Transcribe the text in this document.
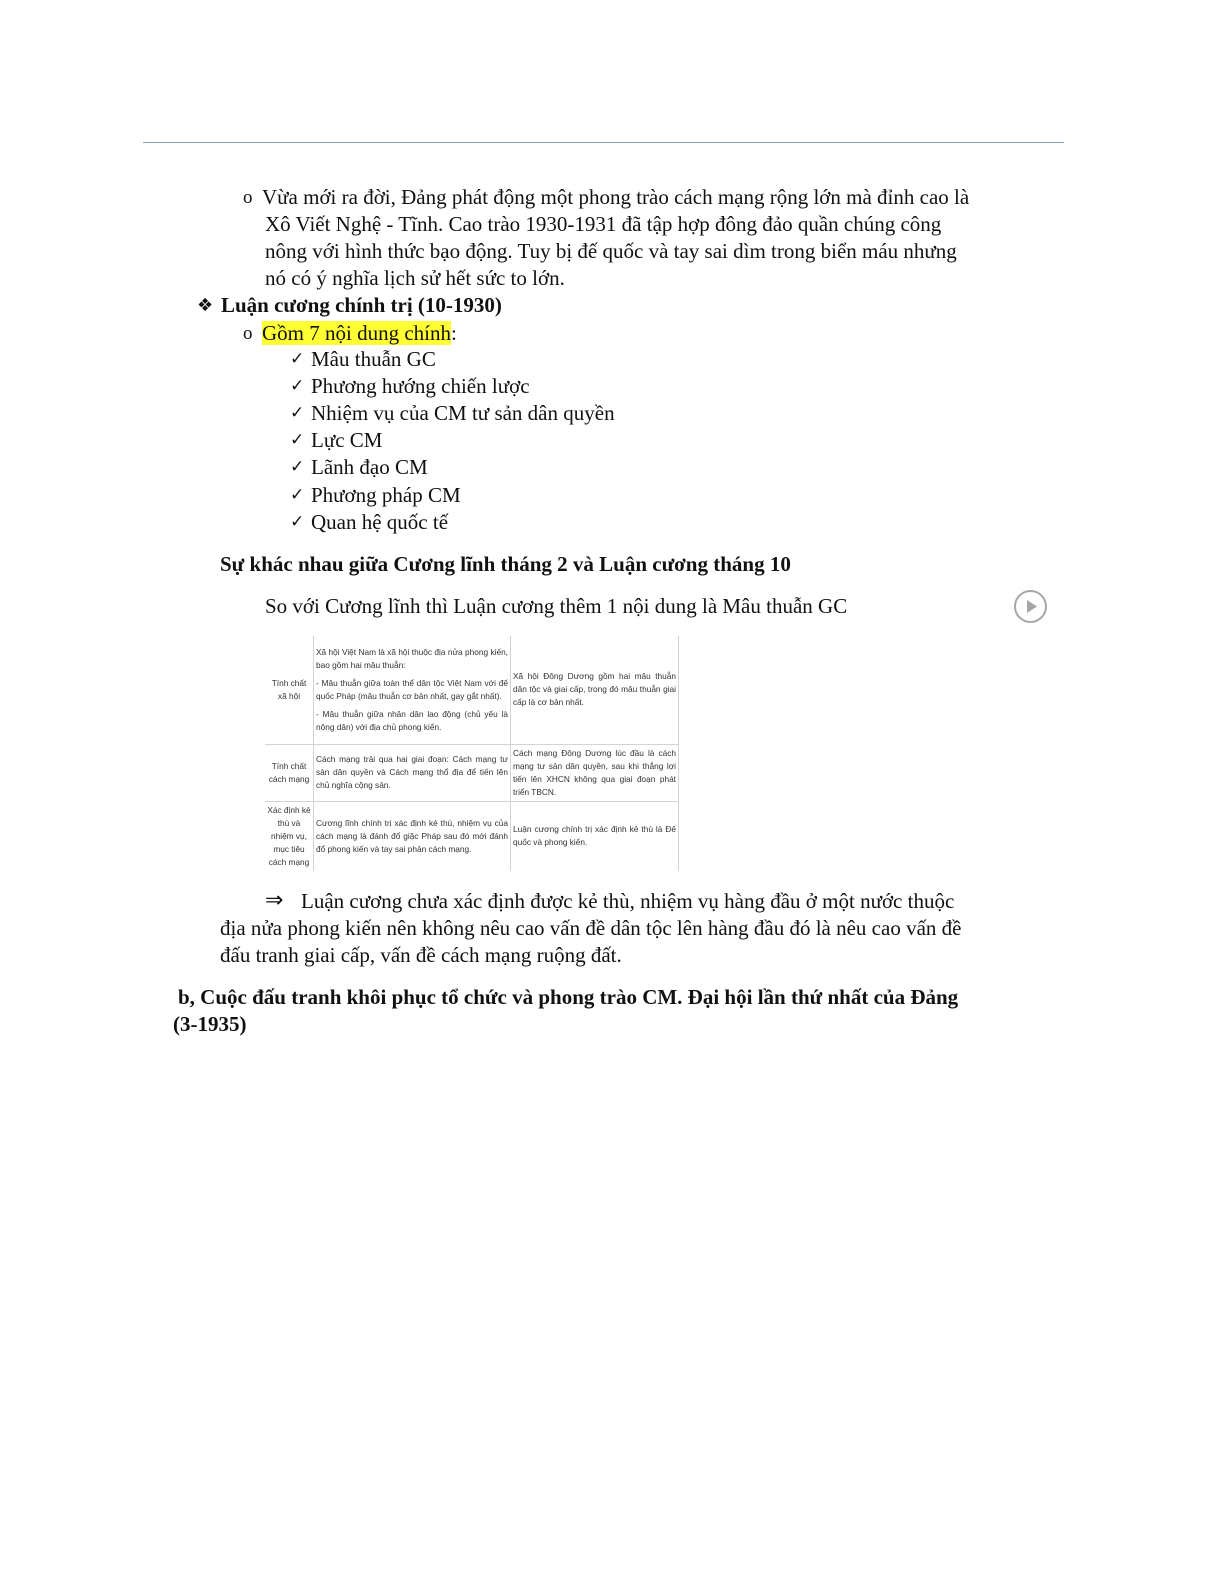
o Vừa mới ra đời, Đảng phát động một phong trào cách mạng rộng lớn mà đỉnh cao là
Xô Viết Nghệ - Tĩnh. Cao trào 1930-1931 đã tập hợp đông đảo quần chúng công
nông với hình thức bạo động. Tuy bị đế quốc và tay sai dìm trong biển máu nhưng
nó có ý nghĩa lịch sử hết sức to lớn.
❖ Luận cương chính trị (10-1930)
o Gồm 7 nội dung chính:
✓ Mâu thuẫn GC
✓ Phương hướng chiến lược
✓ Nhiệm vụ của CM tư sản dân quyền
✓ Lực CM
✓ Lãnh đạo CM
✓ Phương pháp CM
✓ Quan hệ quốc tế
Sự khác nhau giữa Cương lĩnh tháng 2 và Luận cương tháng 10
So với Cương lĩnh thì Luận cương thêm 1 nội dung là Mâu thuẫn GC
Tính chất xã hội	Xã hội Việt Nam là xã hội thuộc địa nửa phong kiến, bao gồm hai mâu thuẫn:

- Mâu thuẫn giữa toàn thể dân tộc Việt Nam với đế quốc Pháp (mâu thuẫn cơ bản nhất, gay gắt nhất).

- Mâu thuẫn giữa nhân dân lao động (chủ yếu là nông dân) với địa chủ phong kiến.	Xã hội Đông Dương gồm hai mâu thuẫn dân tộc và giai cấp, trong đó mâu thuẫn giai cấp là cơ bản nhất.
Tính chất cách mạng	Cách mạng trải qua hai giai đoạn: Cách mạng tư sản dân quyền và Cách mạng thổ địa để tiến lên chủ nghĩa cộng sản.	Cách mạng Đông Dương lúc đầu là cách mạng tư sản dân quyền, sau khi thắng lợi tiến lên XHCN không qua giai đoạn phát triển TBCN.
Xác định kẻ thù và nhiệm vụ, mục tiêu cách mạng	Cương lĩnh chính trị xác định kẻ thù, nhiệm vụ của cách mạng là đánh đổ giặc Pháp sau đó mới đánh đổ phong kiến và tay sai phản cách mạng.	Luận cương chính trị xác định kẻ thù là Đế quốc và phong kiến.
⇒ Luận cương chưa xác định được kẻ thù, nhiệm vụ hàng đầu ở một nước thuộc
địa nửa phong kiến nên không nêu cao vấn đề dân tộc lên hàng đầu đó là nêu cao vấn đề
đấu tranh giai cấp, vấn đề cách mạng ruộng đất.
b, Cuộc đấu tranh khôi phục tổ chức và phong trào CM. Đại hội lần thứ nhất của Đảng
(3-1935)
